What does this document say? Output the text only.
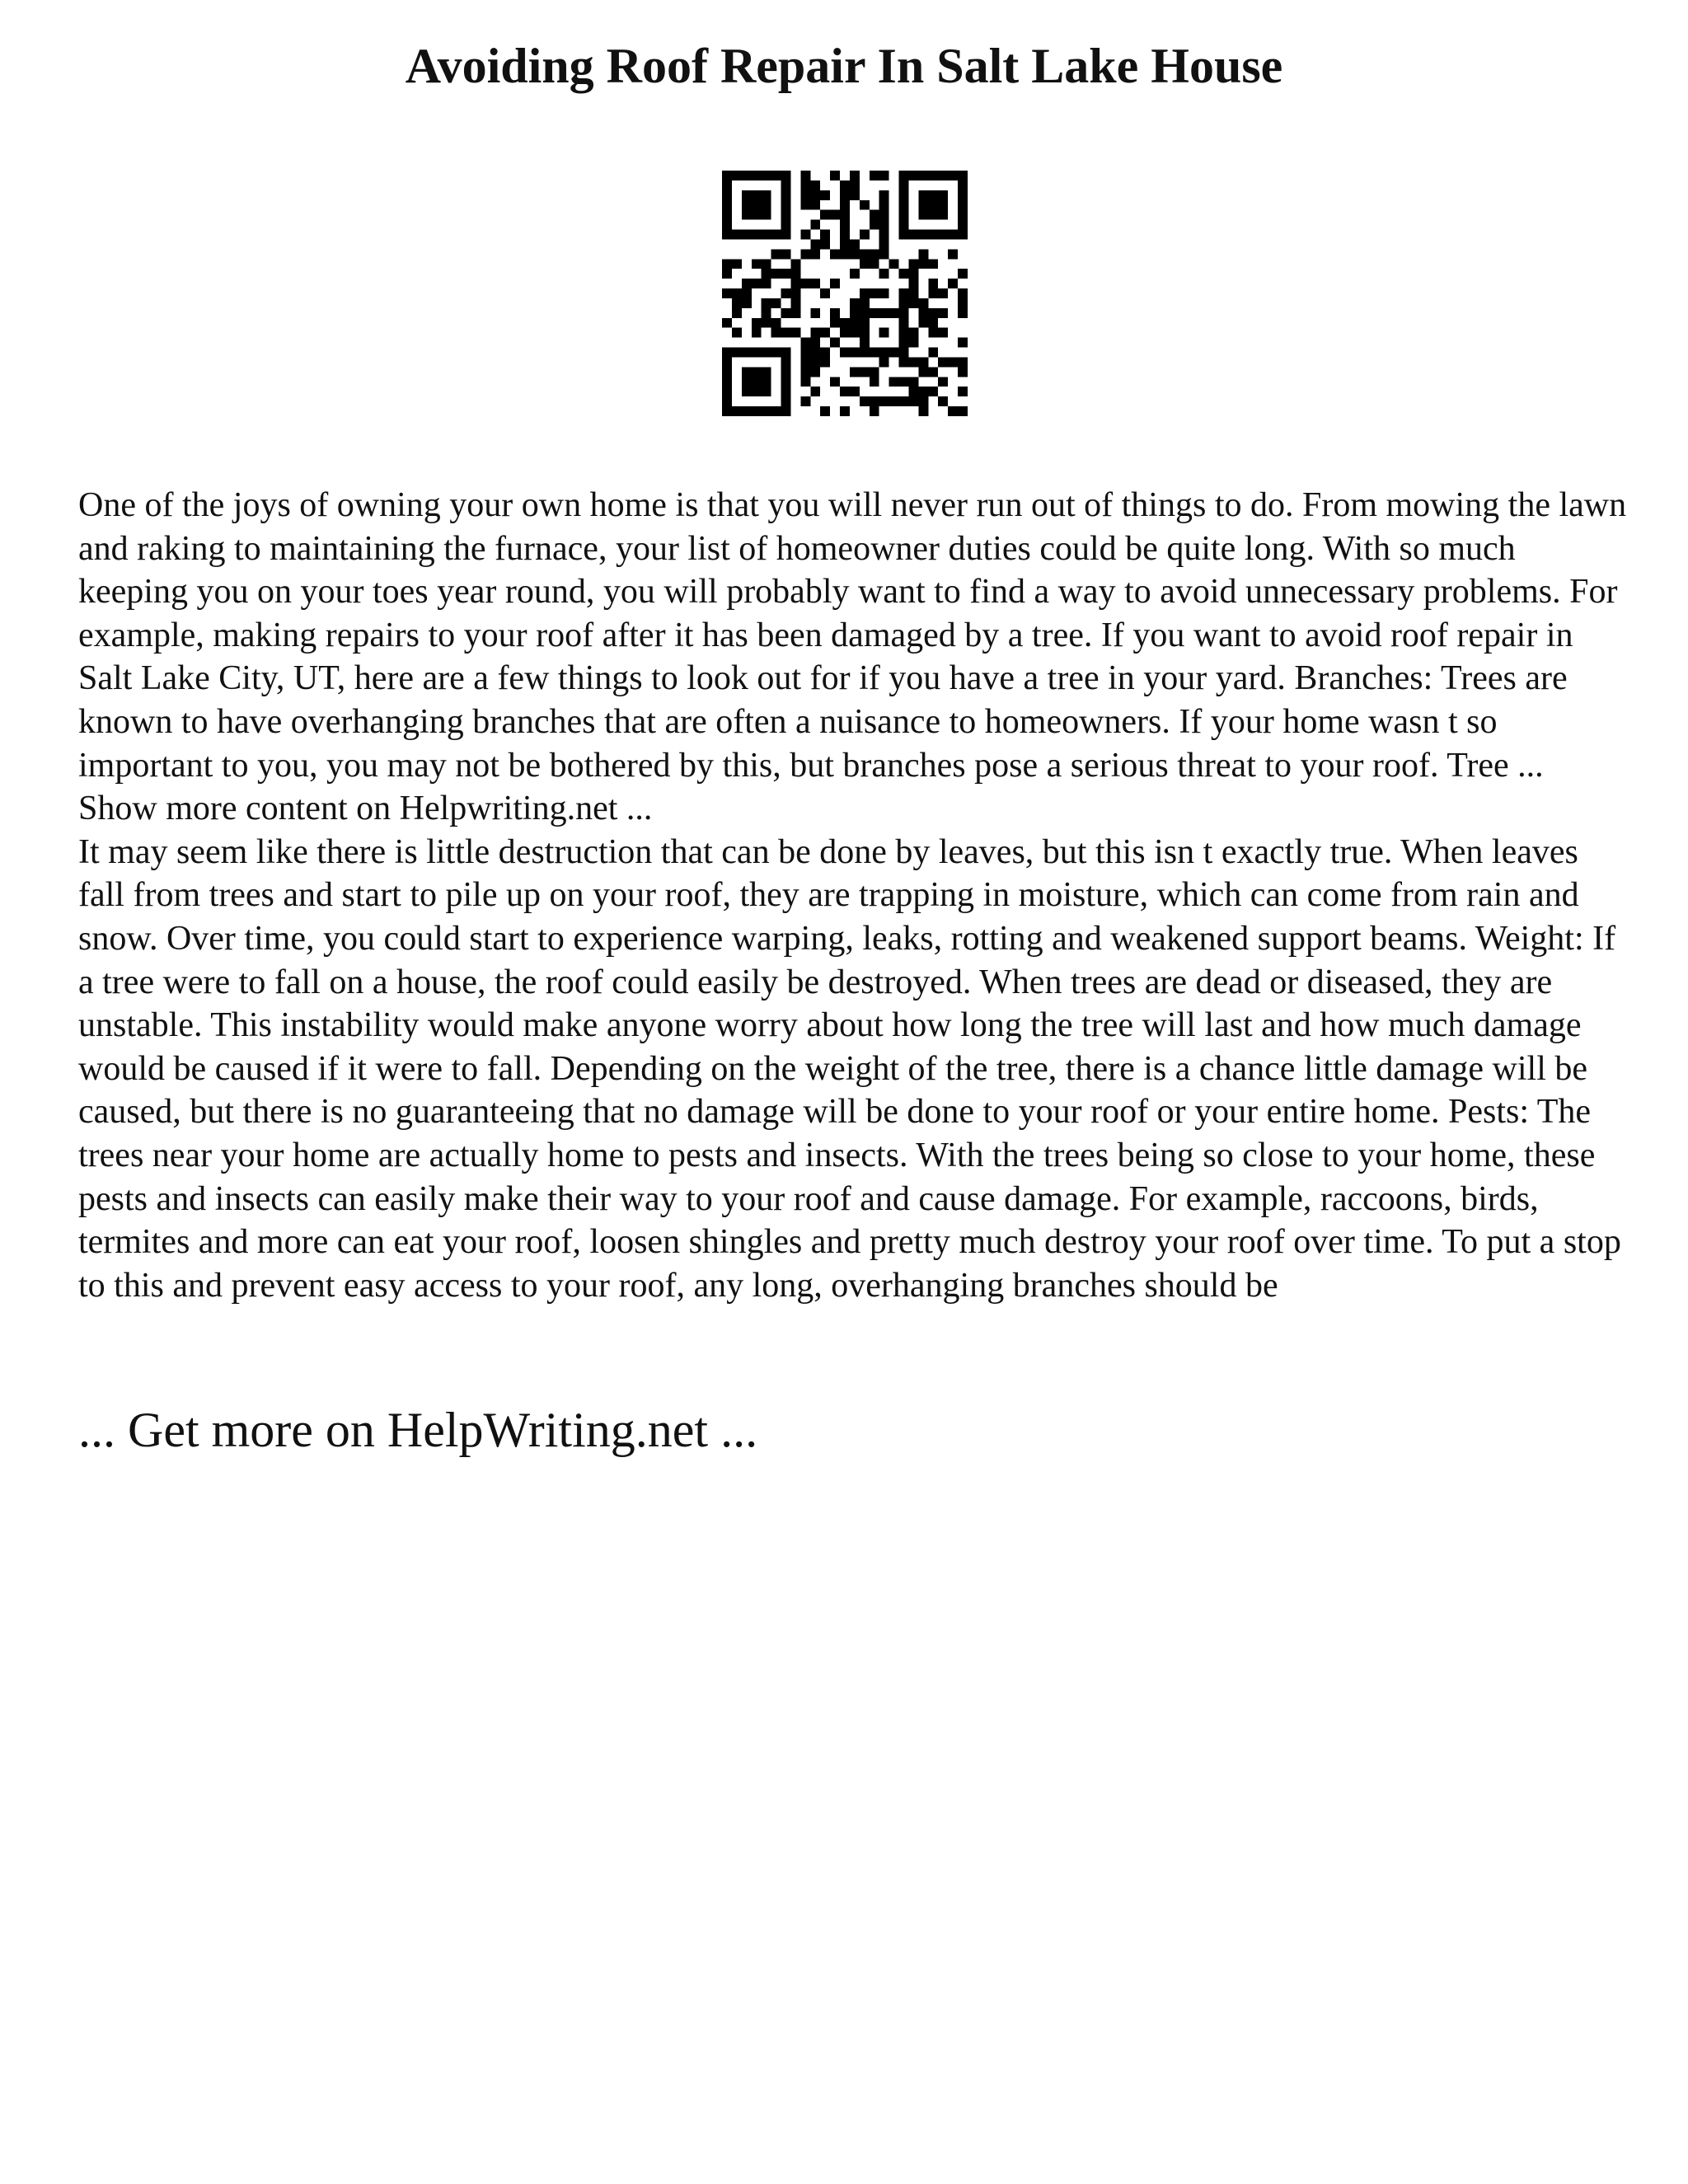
Avoiding Roof Repair In Salt Lake House

One of the joys of owning your own home is that you will never run out of things to do. From mowing the lawn and raking to maintaining the furnace, your list of homeowner duties could be quite long. With so much keeping you on your toes year round, you will probably want to find a way to avoid unnecessary problems. For example, making repairs to your roof after it has been damaged by a tree. If you want to avoid roof repair in Salt Lake City, UT, here are a few things to look out for if you have a tree in your yard. Branches: Trees are known to have overhanging branches that are often a nuisance to homeowners. If your home wasn t so important to you, you may not be bothered by this, but branches pose a serious threat to your roof. Tree ... Show more content on Helpwriting.net ...

It may seem like there is little destruction that can be done by leaves, but this isn t exactly true. When leaves fall from trees and start to pile up on your roof, they are trapping in moisture, which can come from rain and snow. Over time, you could start to experience warping, leaks, rotting and weakened support beams. Weight: If a tree were to fall on a house, the roof could easily be destroyed. When trees are dead or diseased, they are unstable. This instability would make anyone worry about how long the tree will last and how much damage would be caused if it were to fall. Depending on the weight of the tree, there is a chance little damage will be caused, but there is no guaranteeing that no damage will be done to your roof or your entire home. Pests: The trees near your home are actually home to pests and insects. With the trees being so close to your home, these pests and insects can easily make their way to your roof and cause damage. For example, raccoons, birds, termites and more can eat your roof, loosen shingles and pretty much destroy your roof over time. To put a stop to this and prevent easy access to your roof, any long, overhanging branches should be

... Get more on HelpWriting.net ...
